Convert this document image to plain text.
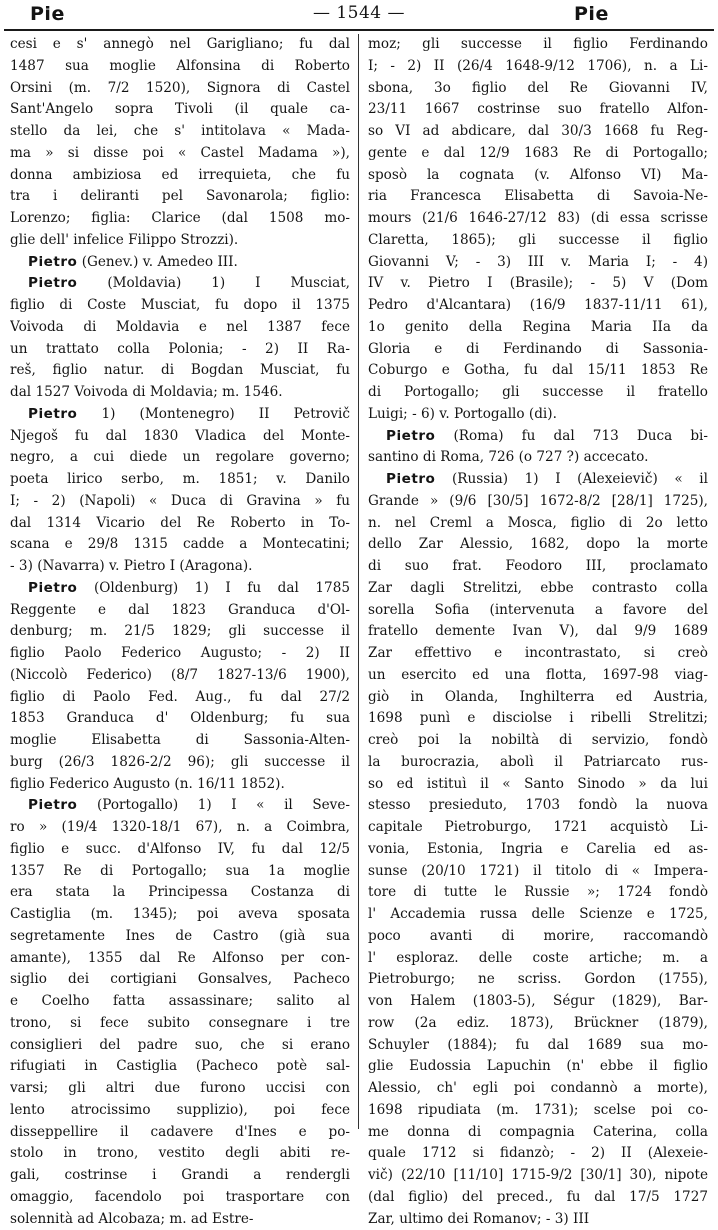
Pie	— 1544 —	Pie
cesi e s' annegò nel Garigliano; fu dal
1487 sua moglie Alfonsina di Roberto
Orsini (m. 7/2 1520), Signora di Castel
Sant'Angelo sopra Tivoli (il quale ca-
stello da lei, che s' intitolava « Mada-
ma » si disse poi « Castel Madama »),
donna ambiziosa ed irrequieta, che fu
tra i deliranti pel Savonarola; figlio:
Lorenzo; figlia: Clarice (dal 1508 mo-
glie dell' infelice Filippo Strozzi).
Pietro (Genev.) v. Amedeo III.
Pietro (Moldavia) 1) I Musciat,
figlio di Coste Musciat, fu dopo il 1375
Voivoda di Moldavia e nel 1387 fece
un trattato colla Polonia; - 2) II Ra-
reš, figlio natur. di Bogdan Musciat, fu
dal 1527 Voivoda di Moldavia; m. 1546.
Pietro 1) (Montenegro) II Petrovič
Njegoš fu dal 1830 Vladica del Monte-
negro, a cui diede un regolare governo;
poeta lirico serbo, m. 1851; v. Danilo
I; - 2) (Napoli) « Duca di Gravina » fu
dal 1314 Vicario del Re Roberto in To-
scana e 29/8 1315 cadde a Montecatini;
- 3) (Navarra) v. Pietro I (Aragona).
Pietro (Oldenburg) 1) I fu dal 1785
Reggente e dal 1823 Granduca d'Ol-
denburg; m. 21/5 1829; gli successe il
figlio Paolo Federico Augusto; - 2) II
(Niccolò Federico) (8/7 1827-13/6 1900),
figlio di Paolo Fed. Aug., fu dal 27/2
1853 Granduca d' Oldenburg; fu sua
moglie Elisabetta di Sassonia-Alten-
burg (26/3 1826-2/2 96); gli successe il
figlio Federico Augusto (n. 16/11 1852).
Pietro (Portogallo) 1) I « il Seve-
ro » (19/4 1320-18/1 67), n. a Coimbra,
figlio e succ. d'Alfonso IV, fu dal 12/5
1357 Re di Portogallo; sua 1a moglie
era stata la Principessa Costanza di
Castiglia (m. 1345); poi aveva sposata
segretamente Ines de Castro (già sua
amante), 1355 dal Re Alfonso per con-
siglio dei cortigiani Gonsalves, Pacheco
e Coelho fatta assassinare; salito al
trono, si fece subito consegnare i tre
consiglieri del padre suo, che si erano
rifugiati in Castiglia (Pacheco potè sal-
varsi; gli altri due furono uccisi con
lento atrocissimo supplizio), poi fece
disseppellire il cadavere d'Ines e po-
stolo in trono, vestito degli abiti re-
gali, costrinse i Grandi a rendergli
omaggio, facendolo poi trasportare con
solennità ad Alcobaza; m. ad Estre-
moz; gli successe il figlio Ferdinando
I; - 2) II (26/4 1648-9/12 1706), n. a Li-
sbona, 3o figlio del Re Giovanni IV,
23/11 1667 costrinse suo fratello Alfon-
so VI ad abdicare, dal 30/3 1668 fu Reg-
gente e dal 12/9 1683 Re di Portogallo;
sposò la cognata (v. Alfonso VI) Ma-
ria Francesca Elisabetta di Savoia-Ne-
mours (21/6 1646-27/12 83) (di essa scrisse
Claretta, 1865); gli successe il figlio
Giovanni V; - 3) III v. Maria I; - 4)
IV v. Pietro I (Brasile); - 5) V (Dom
Pedro d'Alcantara) (16/9 1837-11/11 61),
1o genito della Regina Maria IIa da
Gloria e di Ferdinando di Sassonia-
Coburgo e Gotha, fu dal 15/11 1853 Re
di Portogallo; gli successe il fratello
Luigi; - 6) v. Portogallo (di).
Pietro (Roma) fu dal 713 Duca bi-
santino di Roma, 726 (o 727 ?) accecato.
Pietro (Russia) 1) I (Alexeievič) « il
Grande » (9/6 [30/5] 1672-8/2 [28/1] 1725),
n. nel Creml a Mosca, figlio di 2o letto
dello Zar Alessio, 1682, dopo la morte
di suo frat. Feodoro III, proclamato
Zar dagli Strelitzi, ebbe contrasto colla
sorella Sofia (intervenuta a favore del
fratello demente Ivan V), dal 9/9 1689
Zar effettivo e incontrastato, si creò
un esercito ed una flotta, 1697-98 viag-
giò in Olanda, Inghilterra ed Austria,
1698 punì e disciolse i ribelli Strelitzi;
creò poi la nobiltà di servizio, fondò
la burocrazia, abolì il Patriarcato rus-
so ed istituì il « Santo Sinodo » da lui
stesso presieduto, 1703 fondò la nuova
capitale Pietroburgo, 1721 acquistò Li-
vonia, Estonia, Ingria e Carelia ed as-
sunse (20/10 1721) il titolo di « Impera-
tore di tutte le Russie »; 1724 fondò
l' Accademia russa delle Scienze e 1725,
poco avanti di morire, raccomandò
l' esploraz. delle coste artiche; m. a
Pietroburgo; ne scriss. Gordon (1755),
von Halem (1803-5), Ségur (1829), Bar-
row (2a ediz. 1873), Brückner (1879),
Schuyler (1884); fu dal 1689 sua mo-
glie Eudossia Lapuchin (n' ebbe il figlio
Alessio, ch' egli poi condannò a morte),
1698 ripudiata (m. 1731); scelse poi co-
me donna di compagnia Caterina, colla
quale 1712 si fidanzò; - 2) II (Alexeie-
vič) (22/10 [11/10] 1715-9/2 [30/1] 30), nipote
(dal figlio) del preced., fu dal 17/5 1727
Zar, ultimo dei Romanov; - 3) III
